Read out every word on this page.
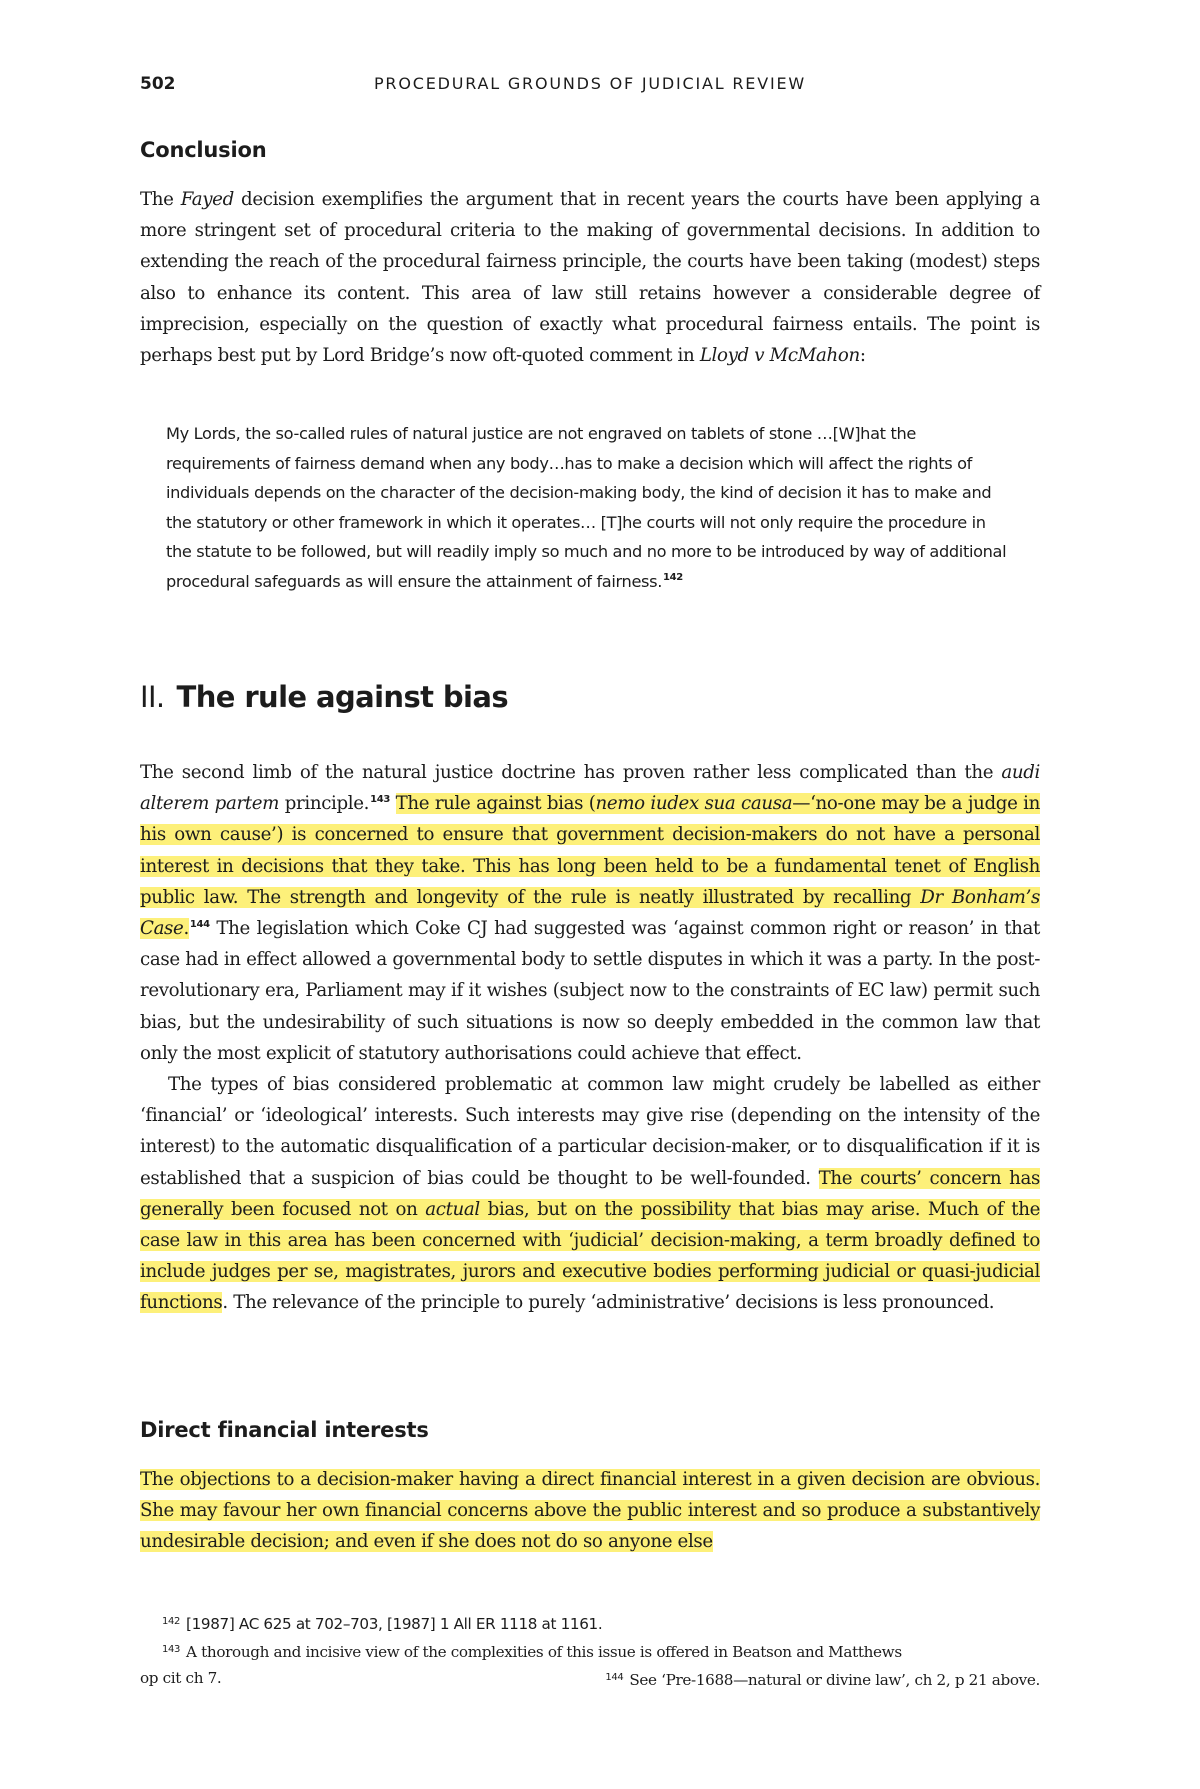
502	PROCEDURAL GROUNDS OF JUDICIAL REVIEW
Conclusion

The Fayed decision exemplifies the argument that in recent years the courts have been applying a more stringent set of procedural criteria to the making of governmental decisions. In addition to extending the reach of the procedural fairness principle, the courts have been taking (modest) steps also to enhance its content. This area of law still retains however a considerable degree of imprecision, especially on the question of exactly what procedural fairness entails. The point is perhaps best put by Lord Bridge’s now oft-quoted comment in Lloyd v McMahon:

My Lords, the so-called rules of natural justice are not engraved on tablets of stone …[W]hat the requirements of fairness demand when any body…has to make a decision which will affect the rights of individuals depends on the character of the decision-making body, the kind of decision it has to make and the statutory or other framework in which it operates… [T]he courts will not only require the procedure in the statute to be followed, but will readily imply so much and no more to be introduced by way of additional procedural safeguards as will ensure the attainment of fairness.$^{142}$
II. The rule against bias

The second limb of the natural justice doctrine has proven rather less complicated than the audi alterem partem principle.$^{143}$ The rule against bias (nemo iudex sua causa—‘no-one may be a judge in his own cause’) is concerned to ensure that government decision-makers do not have a personal interest in decisions that they take. This has long been held to be a fundamental tenet of English public law. The strength and longevity of the rule is neatly illustrated by recalling Dr Bonham’s Case.$^{144}$ The legislation which Coke CJ had suggested was ‘against common right or reason’ in that case had in effect allowed a governmental body to settle disputes in which it was a party. In the post-revolutionary era, Parliament may if it wishes (subject now to the constraints of EC law) permit such bias, but the undesirability of such situations is now so deeply embedded in the common law that only the most explicit of statutory authorisations could achieve that effect.

The types of bias considered problematic at common law might crudely be labelled as either ‘financial’ or ‘ideological’ interests. Such interests may give rise (depending on the intensity of the interest) to the automatic disqualification of a particular decision-maker, or to disqualification if it is established that a suspicion of bias could be thought to be well-founded. The courts’ concern has generally been focused not on actual bias, but on the possibility that bias may arise. Much of the case law in this area has been concerned with ‘judicial’ decision-making, a term broadly defined to include judges per se, magistrates, jurors and executive bodies performing judicial or quasi-judicial functions. The relevance of the principle to purely ‘administrative’ decisions is less pronounced.

Direct financial interests

The objections to a decision-maker having a direct financial interest in a given decision are obvious. She may favour her own financial concerns above the public interest and so produce a substantively undesirable decision; and even if she does not do so anyone else

$^{142}$ [1987] AC 625 at 702–703, [1987] 1 All ER 1118 at 1161.
$^{143}$ A thorough and incisive view of the complexities of this issue is offered in Beatson and Matthews
op cit ch 7.	$^{144}$ See ‘Pre-1688—natural or divine law’, ch 2, p 21 above.
